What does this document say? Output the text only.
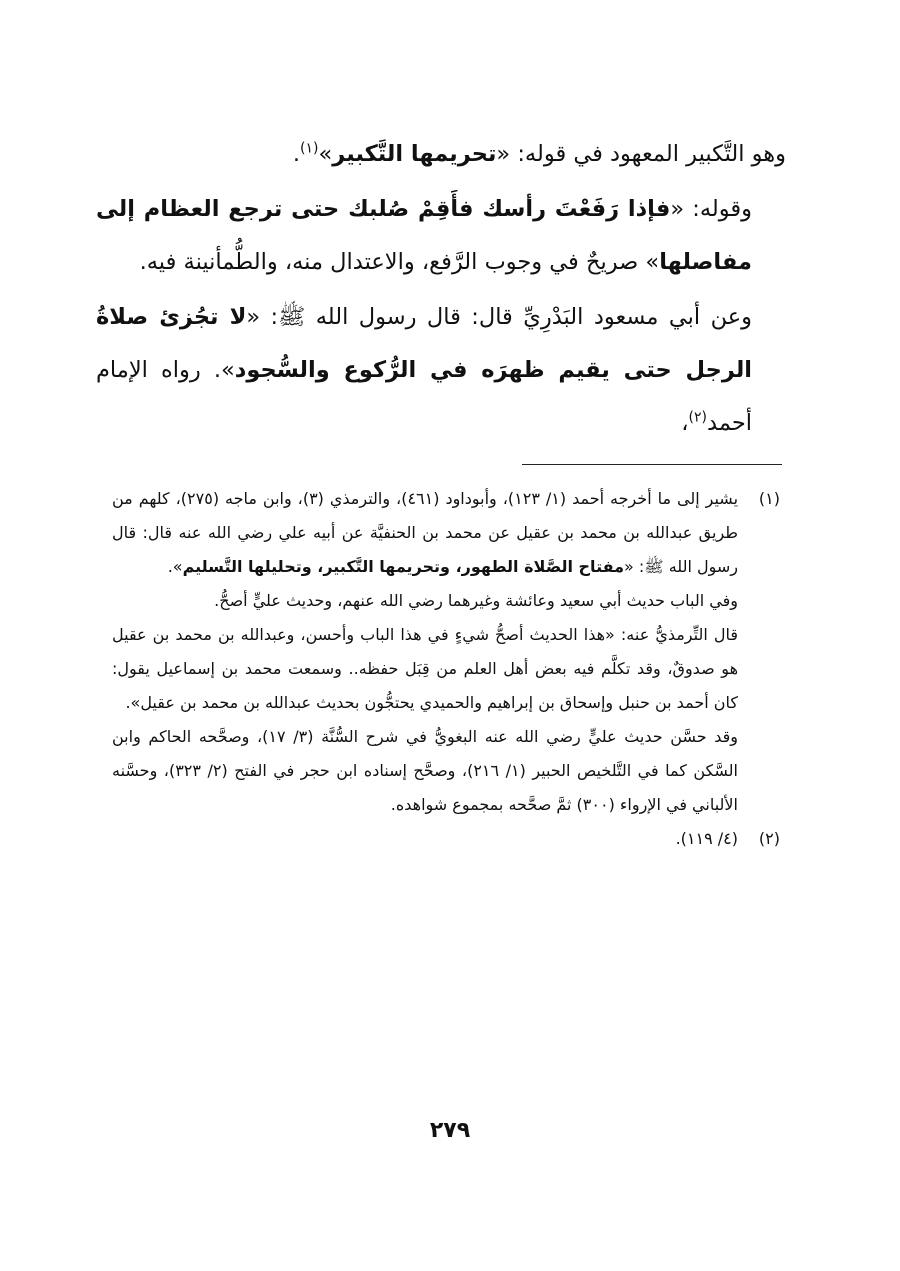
وهو التَّكبير المعهود في قوله: «تحريمها التَّكبير»$^{(١)}$.

وقوله: «فإذا رَفَعْتَ رأسك فأَقِمْ صُلبك حتى ترجع العظام إلى مفاصلها» صريحٌ في وجوب الرَّفع، والاعتدال منه، والطُّمأنينة فيه.

وعن أبي مسعود البَدْرِيِّ قال: قال رسول الله ﷺ: «لا تجُزئ صلاةُ الرجل حتى يقيم ظهرَه في الرُّكوع والسُّجود». رواه الإمام أحمد$^{(٢)}$،

(١)
يشير إلى ما أخرجه أحمد (١/ ١٢٣)، وأبوداود (٤٦١)، والترمذي (٣)، وابن ماجه (٢٧٥)، كلهم من طريق عبدالله بن محمد بن عقيل عن محمد بن الحنفيَّة عن أبيه علي رضي الله عنه قال: قال رسول الله ﷺ: «مفتاح الصَّلاة الطهور، وتحريمها التَّكبير، وتحليلها التَّسليم».
وفي الباب حديث أبي سعيد وعائشة وغيرهما رضي الله عنهم، وحديث عليٍّ أصحُّ.
قال التِّرمذيُّ عنه: «هذا الحديث أصحُّ شيءٍ في هذا الباب وأحسن، وعبدالله بن محمد بن عقيل هو صدوقٌ، وقد تكلَّم فيه بعض أهل العلم من قِبَل حفظه.. وسمعت محمد بن إسماعيل يقول: كان أحمد بن حنبل وإسحاق بن إبراهيم والحميدي يحتجُّون بحديث عبدالله بن محمد بن عقيل».
وقد حسَّن حديث عليٍّ رضي الله عنه البغويُّ في شرح السُّنَّة (٣/ ١٧)، وصحَّحه الحاكم وابن السَّكن كما في التَّلخيص الحبير (١/ ٢١٦)، وصحَّح إسناده ابن حجر في الفتح (٢/ ٣٢٣)، وحسَّنه الألباني في الإرواء (٣٠٠) ثمَّ صحَّحه بمجموع شواهده.
(٢)
(٤/ ١١٩).
٢٧٩
